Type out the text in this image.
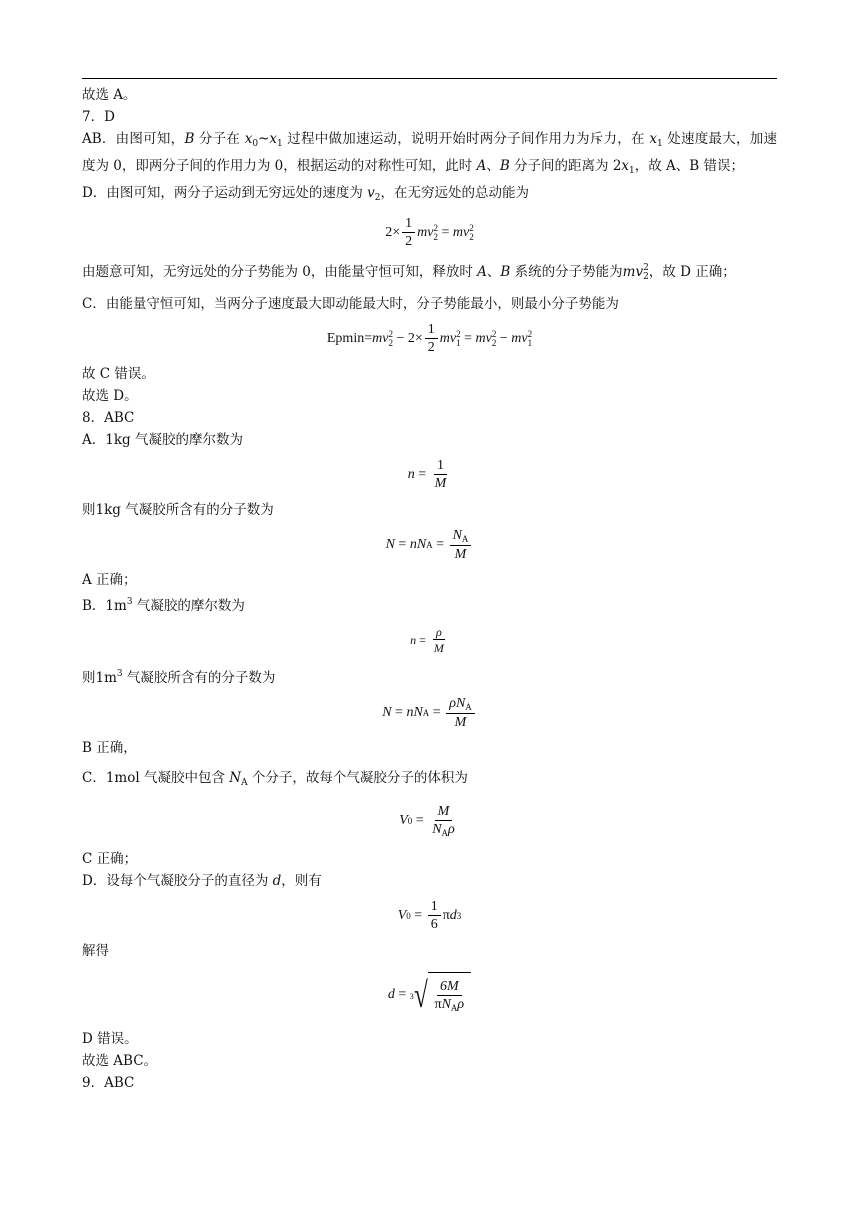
故选 A。

7．D

AB．由图可知，B 分子在 $x_0\sim x_1$ 过程中做加速运动，说明开始时两分子间作用力为斥力，在 $x_1$ 处速度最大，加速度为 0，即两分子间的作用力为 0，根据运动的对称性可知，此时 A、B 分子间的距离为 $2x_1$，故 A、B 错误；

D．由图可知，两分子运动到无穷远处的速度为 $v_2$，在无穷远处的总动能为

$2 \times \frac{1}{2}$ m v 2
2
=
m v 2
2

由题意可知，无穷远处的分子势能为 0，由能量守恒可知，释放时 A、B 系统的分子势能为mv 2
2 ，故 D 正确；

C．由能量守恒可知，当两分子速度最大即动能最大时，分子势能最小，则最小分子势能为

Epmin= m v 2
2
−
$2 \times \frac{1}{2}$ m v 2
1
=
m v 2
2
−
m v 2
1

故 C 错误。

故选 D。

8．ABC

A．1kg 气凝胶的摩尔数为

n
=
$\frac{1}{M}$

则1kg 气凝胶所含有的分子数为

N
=
n N A
=
$\frac{N_A}{M}$

A 正确；

B．$1m^3$ 气凝胶的摩尔数为

n
=
$\frac{\rho}{M}$

则$1m^3$ 气凝胶所含有的分子数为

N
=
n N A
=
$\frac{\rho N_A}{M}$

B 正确，

C．1mol 气凝胶中包含 $N_A$ 个分子，故每个气凝胶分子的体积为

V 0
=
$\frac{M}{N_A\rho}$

C 正确；

D．设每个气凝胶分子的直径为 d，则有

V 0
=
$\frac{1}{6}$ π d 3

解得

d
=
3 √ $\frac{6M}{\pi N_A\rho}$

D 错误。

故选 ABC。

9．ABC
